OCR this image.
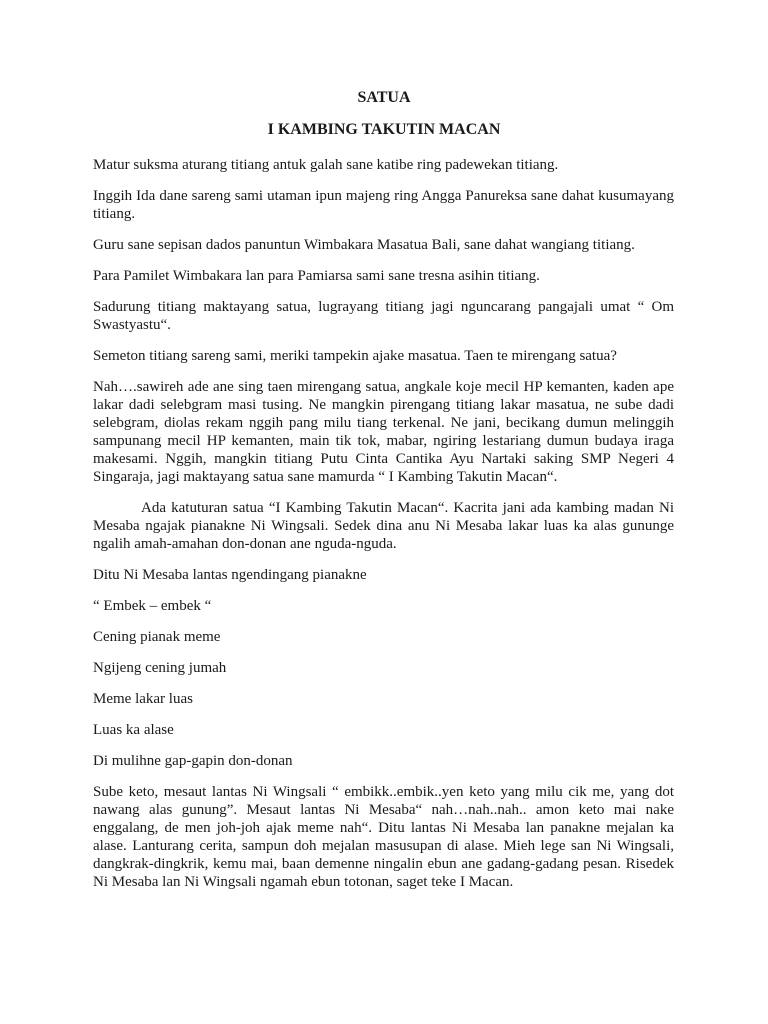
SATUA
I KAMBING TAKUTIN MACAN

Matur suksma aturang titiang antuk galah sane katibe ring padewekan titiang.

Inggih Ida dane sareng sami utaman ipun majeng ring Angga Panureksa sane dahat kusumayang titiang.

Guru sane sepisan dados panuntun Wimbakara Masatua Bali, sane dahat wangiang titiang.

Para Pamilet Wimbakara lan para Pamiarsa sami sane tresna asihin titiang.

Sadurung titiang maktayang satua, lugrayang titiang jagi nguncarang pangajali umat “ Om Swastyastu“.

Semeton titiang sareng sami, meriki tampekin ajake masatua. Taen te mirengang satua?

Nah….sawireh ade ane sing taen mirengang satua, angkale koje mecil HP kemanten, kaden ape lakar dadi selebgram masi tusing. Ne mangkin pirengang titiang lakar masatua, ne sube dadi selebgram, diolas rekam nggih pang milu tiang terkenal. Ne jani, becikang dumun melinggih sampunang mecil HP kemanten, main tik tok, mabar, ngiring lestariang dumun budaya iraga makesami. Nggih, mangkin titiang Putu Cinta Cantika Ayu Nartaki saking SMP Negeri 4 Singaraja, jagi maktayang satua sane mamurda “ I Kambing Takutin Macan“.

Ada katuturan satua “I Kambing Takutin Macan“. Kacrita jani ada kambing madan Ni Mesaba ngajak pianakne Ni Wingsali. Sedek dina anu Ni Mesaba lakar luas ka alas gununge ngalih amah-amahan don-donan ane nguda-nguda.

Ditu Ni Mesaba lantas ngendingang pianakne

“ Embek – embek “

Cening pianak meme

Ngijeng cening jumah

Meme lakar luas

Luas ka alase

Di mulihne gap-gapin don-donan

Sube keto, mesaut lantas Ni Wingsali “ embikk..embik..yen keto yang milu cik me, yang dot nawang alas gunung”. Mesaut lantas Ni Mesaba“ nah…nah..nah.. amon keto mai nake enggalang, de men joh-joh ajak meme nah“. Ditu lantas Ni Mesaba lan panakne mejalan ka alase. Lanturang cerita, sampun doh mejalan masusupan di alase. Mieh lege san Ni Wingsali, dangkrak-dingkrik, kemu mai, baan demenne ningalin ebun ane gadang-gadang pesan. Risedek Ni Mesaba lan Ni Wingsali ngamah ebun totonan, saget teke I Macan.
